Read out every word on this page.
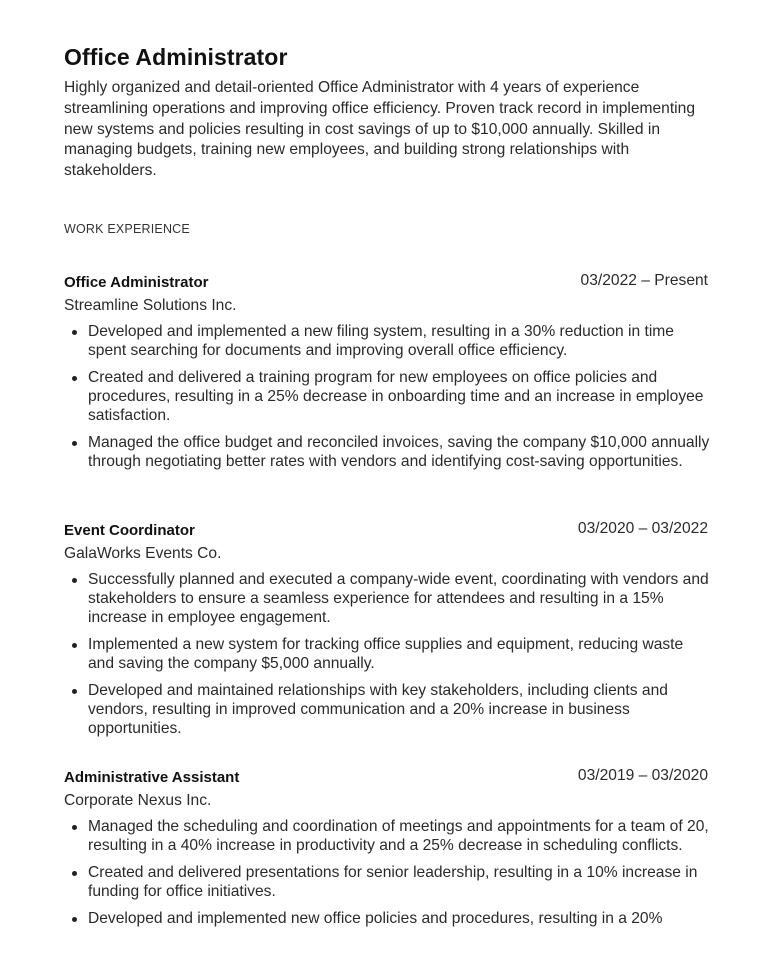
Office Administrator

Highly organized and detail-oriented Office Administrator with 4 years of experience streamlining operations and improving office efficiency. Proven track record in implementing new systems and policies resulting in cost savings of up to $10,000 annually. Skilled in managing budgets, training new employees, and building strong relationships with stakeholders.

WORK EXPERIENCE
Office Administrator	03/2022 – Present
Streamline Solutions Inc.
Developed and implemented a new filing system, resulting in a 30% reduction in time spent searching for documents and improving overall office efficiency.
Created and delivered a training program for new employees on office policies and procedures, resulting in a 25% decrease in onboarding time and an increase in employee satisfaction.
Managed the office budget and reconciled invoices, saving the company $10,000 annually through negotiating better rates with vendors and identifying cost-saving opportunities.
Event Coordinator	03/2020 – 03/2022
GalaWorks Events Co.
Successfully planned and executed a company-wide event, coordinating with vendors and stakeholders to ensure a seamless experience for attendees and resulting in a 15% increase in employee engagement.
Implemented a new system for tracking office supplies and equipment, reducing waste and saving the company $5,000 annually.
Developed and maintained relationships with key stakeholders, including clients and vendors, resulting in improved communication and a 20% increase in business opportunities.
Administrative Assistant	03/2019 – 03/2020
Corporate Nexus Inc.
Managed the scheduling and coordination of meetings and appointments for a team of 20, resulting in a 40% increase in productivity and a 25% decrease in scheduling conflicts.
Created and delivered presentations for senior leadership, resulting in a 10% increase in funding for office initiatives.
Developed and implemented new office policies and procedures, resulting in a 20%
